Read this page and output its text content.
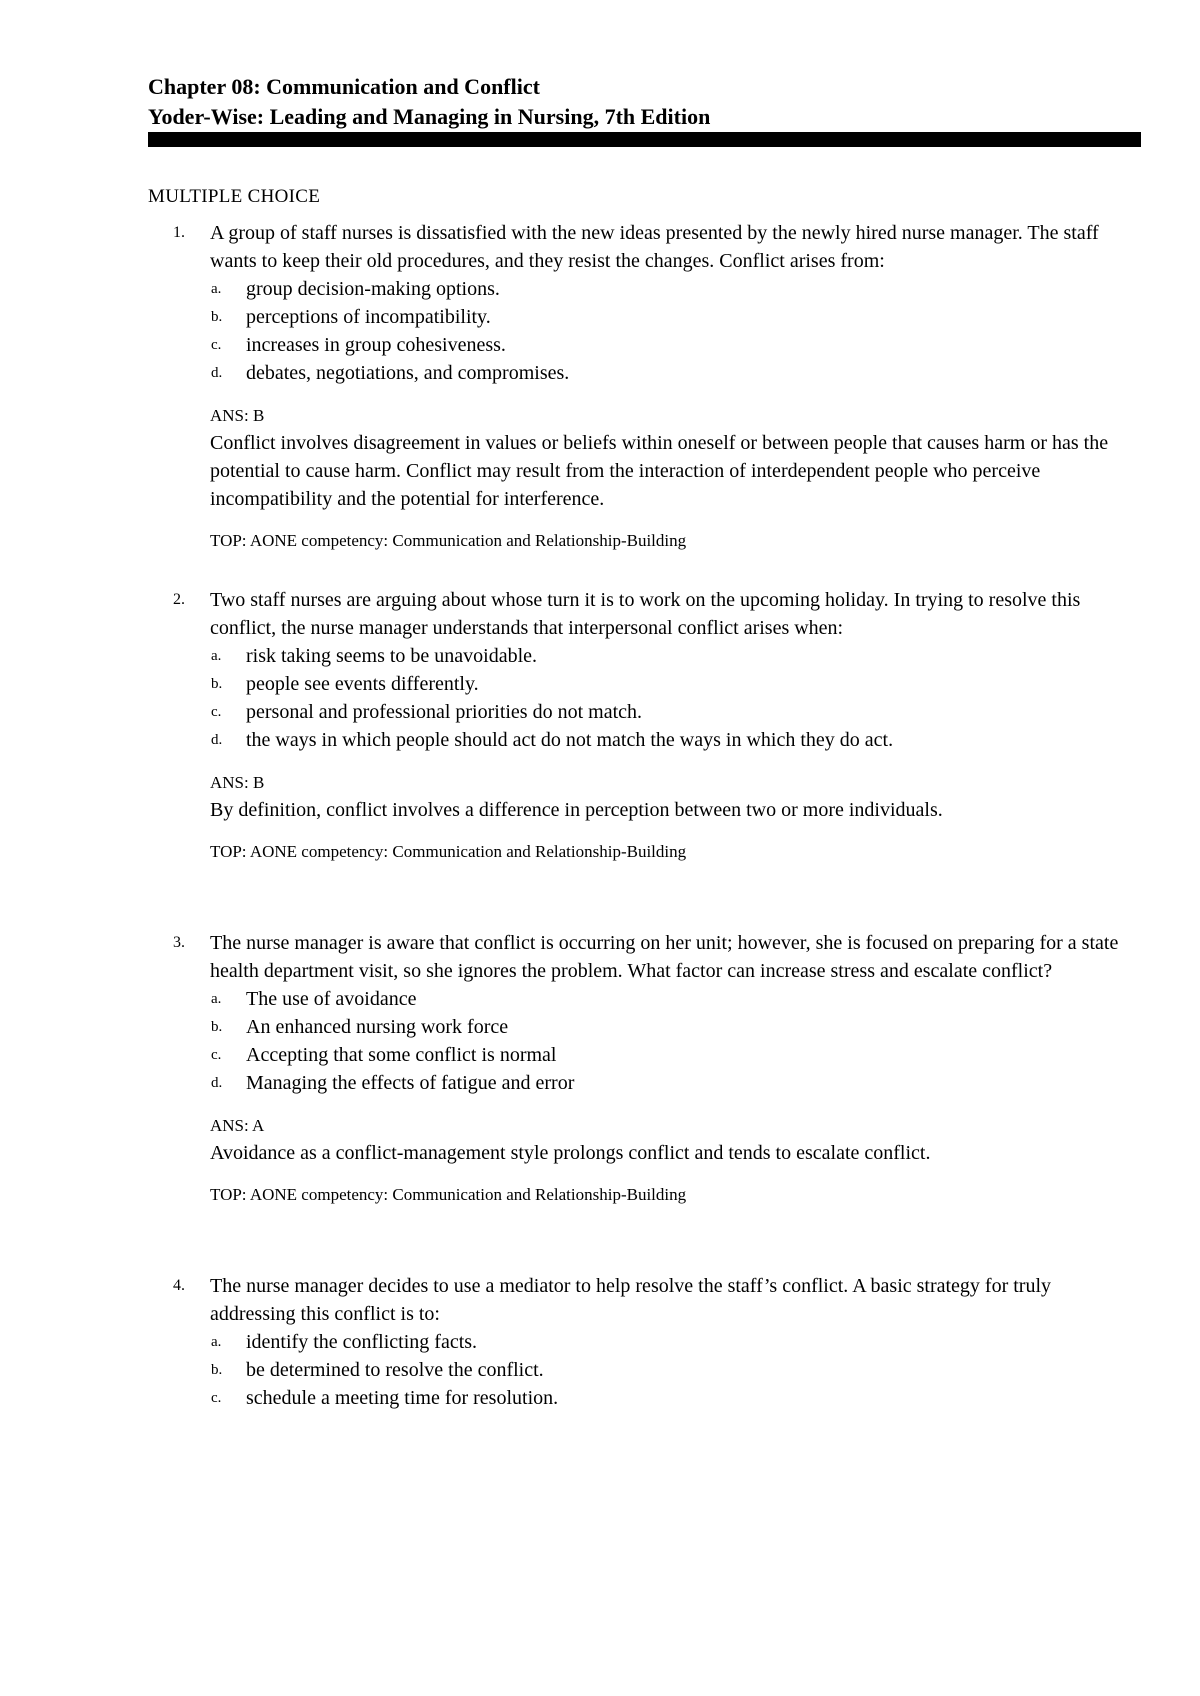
Chapter 08: Communication and Conflict
Yoder-Wise: Leading and Managing in Nursing, 7th Edition
MULTIPLE CHOICE
1. A group of staff nurses is dissatisfied with the new ideas presented by the newly hired nurse manager. The staff wants to keep their old procedures, and they resist the changes. Conflict arises from:
a. group decision-making options.
b. perceptions of incompatibility.
c. increases in group cohesiveness.
d. debates, negotiations, and compromises.
ANS: B
Conflict involves disagreement in values or beliefs within oneself or between people that causes harm or has the potential to cause harm. Conflict may result from the interaction of interdependent people who perceive incompatibility and the potential for interference.
TOP: AONE competency: Communication and Relationship-Building
2. Two staff nurses are arguing about whose turn it is to work on the upcoming holiday. In trying to resolve this conflict, the nurse manager understands that interpersonal conflict arises when:
a. risk taking seems to be unavoidable.
b. people see events differently.
c. personal and professional priorities do not match.
d. the ways in which people should act do not match the ways in which they do act.
ANS: B
By definition, conflict involves a difference in perception between two or more individuals.
TOP: AONE competency: Communication and Relationship-Building
3. The nurse manager is aware that conflict is occurring on her unit; however, she is focused on preparing for a state health department visit, so she ignores the problem. What factor can increase stress and escalate conflict?
a. The use of avoidance
b. An enhanced nursing work force
c. Accepting that some conflict is normal
d. Managing the effects of fatigue and error
ANS: A
Avoidance as a conflict-management style prolongs conflict and tends to escalate conflict.
TOP: AONE competency: Communication and Relationship-Building
4. The nurse manager decides to use a mediator to help resolve the staff’s conflict. A basic strategy for truly addressing this conflict is to:
a. identify the conflicting facts.
b. be determined to resolve the conflict.
c. schedule a meeting time for resolution.
